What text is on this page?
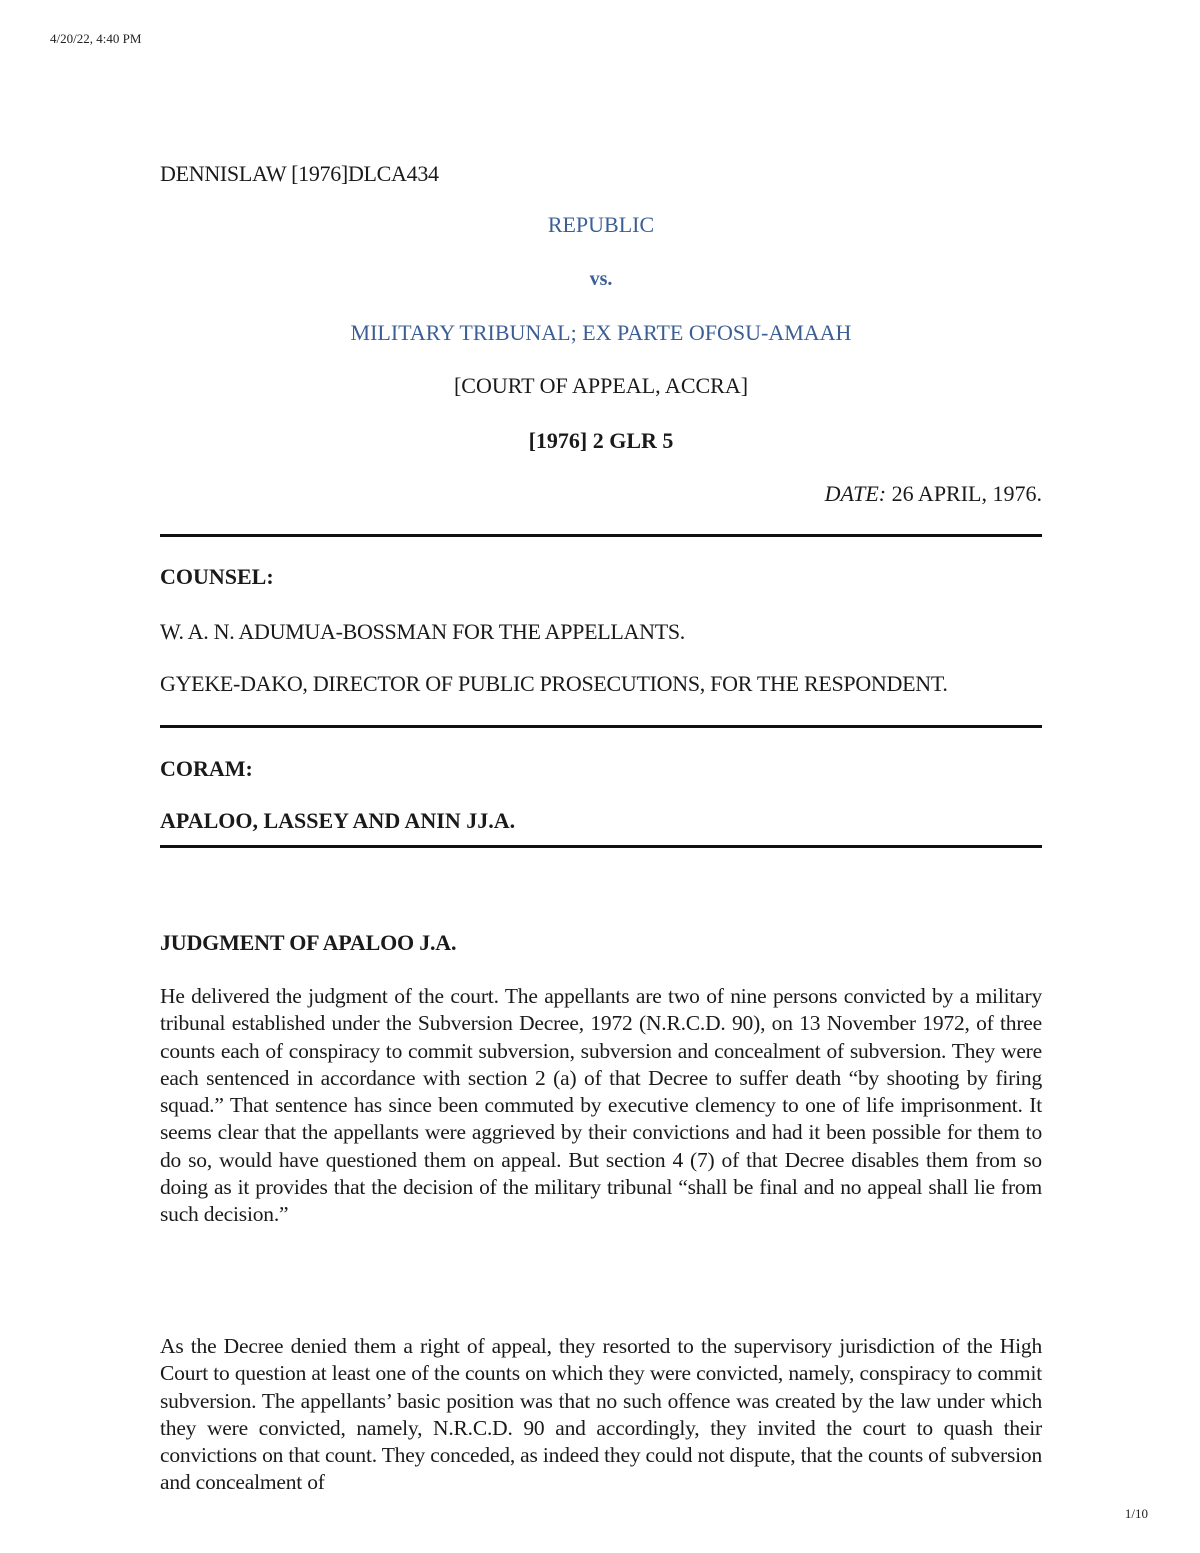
4/20/22, 4:40 PM
DENNISLAW [1976]DLCA434
REPUBLIC
vs.
MILITARY TRIBUNAL; EX PARTE OFOSU-AMAAH
[COURT OF APPEAL, ACCRA]
[1976] 2 GLR 5
DATE: 26 APRIL, 1976.
COUNSEL:
W. A. N. ADUMUA-BOSSMAN FOR THE APPELLANTS.
GYEKE-DAKO, DIRECTOR OF PUBLIC PROSECUTIONS, FOR THE RESPONDENT.
CORAM:
APALOO, LASSEY AND ANIN JJ.A.
JUDGMENT OF APALOO J.A.
He delivered the judgment of the court. The appellants are two of nine persons convicted by a military tribunal established under the Subversion Decree, 1972 (N.R.C.D. 90), on 13 November 1972, of three counts each of conspiracy to commit subversion, subversion and concealment of subversion. They were each sentenced in accordance with section 2 (a) of that Decree to suffer death “by shooting by firing squad.” That sentence has since been commuted by executive clemency to one of life imprisonment. It seems clear that the appellants were aggrieved by their convictions and had it been possible for them to do so, would have questioned them on appeal. But section 4 (7) of that Decree disables them from so doing as it provides that the decision of the military tribunal “shall be final and no appeal shall lie from such decision.”
As the Decree denied them a right of appeal, they resorted to the supervisory jurisdiction of the High Court to question at least one of the counts on which they were convicted, namely, conspiracy to commit subversion. The appellants’ basic position was that no such offence was created by the law under which they were convicted, namely, N.R.C.D. 90 and accordingly, they invited the court to quash their convictions on that count. They conceded, as indeed they could not dispute, that the counts of subversion and concealment of
1/10
